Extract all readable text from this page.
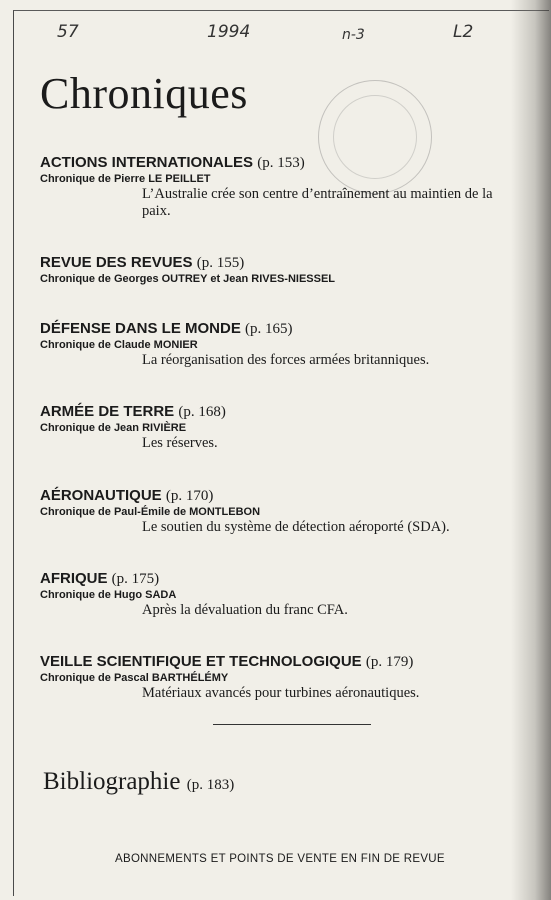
57	1994	n-3	L2
Chroniques
ACTIONS INTERNATIONALES (p. 153)
Chronique de Pierre LE PEILLET
L’Australie crée son centre d’entraînement au maintien de la paix.
REVUE DES REVUES (p. 155)
Chronique de Georges OUTREY et Jean RIVES-NIESSEL
DÉFENSE DANS LE MONDE (p. 165)
Chronique de Claude MONIER
La réorganisation des forces armées britanniques.
ARMÉE DE TERRE (p. 168)
Chronique de Jean RIVIÈRE
Les réserves.
AÉRONAUTIQUE (p. 170)
Chronique de Paul-Émile de MONTLEBON
Le soutien du système de détection aéroporté (SDA).
AFRIQUE (p. 175)
Chronique de Hugo SADA
Après la dévaluation du franc CFA.
VEILLE SCIENTIFIQUE ET TECHNOLOGIQUE (p. 179)
Chronique de Pascal BARTHÉLÉMY
Matériaux avancés pour turbines aéronautiques.
Bibliographie (p. 183)
ABONNEMENTS ET POINTS DE VENTE EN FIN DE REVUE
